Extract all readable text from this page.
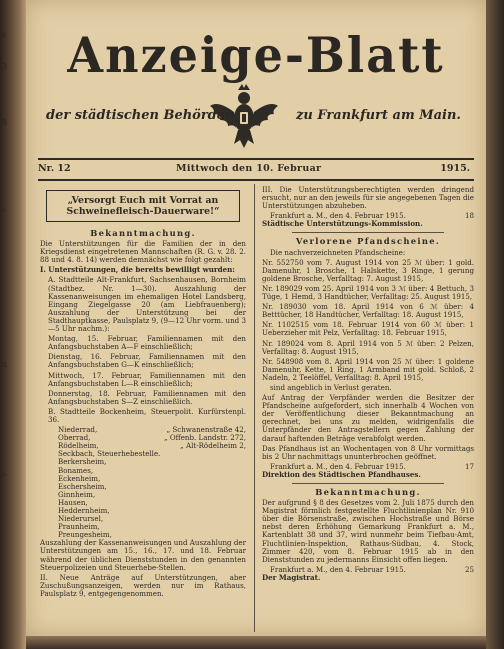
s
3
8
i-
u
i-
Anzeige-Blatt
der städtischen Behörden	zu Frankfurt am Main.
Nr. 12	Mittwoch den 10. Februar	1915.
„Versorgt Euch mit Vorrat an Schweinefleisch-Dauerware!“
Bekanntmachung.

Die Unterstützungen für die Familien der in den Kriegsdienst eingetretenen Mannschaften (R. G. v. 28. 2. 88 und 4. 8. 14) werden demnächst wie folgt gezahlt:

I. Unterstützungen, die bereits bewilligt wurden:

A. Stadtteile Alt-Frankfurt, Sachsenhausen, Bornheim (Stadtbez. Nr. 1—30). Auszahlung der Kassenanweisungen im ehemaligen Hotel Landsberg, Eingang Ziegelgasse 20 (am Liebfrauenberg); Auszahlung der Unterstützung bei der Stadthauptkasse, Paulsplatz 9, (9—12 Uhr vorm. und 3—5 Uhr nachm.):

Montag, 15. Februar, Familiennamen mit den Anfangsbuchstaben A—F einschließlich;

Dienstag, 16. Februar, Familiennamen mit den Anfangsbuchstaben G—K einschließlich;

Mittwoch, 17. Februar, Familiennamen mit den Anfangsbuchstaben L—R einschließlich;

Donnerstag, 18. Februar, Familiennamen mit den Anfangsbuchstaben S—Z einschließlich.

B. Stadtteile Bockenheim, Steuerpolit. Kurfürstenpl. 36.

Niederrad,	„ Schwanenstraße 42,
Oberrad,	„ Offenb. Landstr. 272,
Rödelheim,	„ Alt-Rödelheim 2,
Seckbach, Steuerhebestelle.
Berkersheim,
Bonames,
Eckenheim,
Eschersheim,
Ginnheim,
Hausen,
Heddernheim,
Niederursel,
Praunheim,
Preungesheim,

Auszahlung der Kassenanweisungen und Auszahlung der Unterstützungen am 15., 16., 17. und 18. Februar während der üblichen Dienststunden in den genannten Steuerpolizeien und Steuerhebe-Stellen.

II. Neue Anträge auf Unterstützungen, aber Zuschußungsanzeigen, werden nur im Rathaus, Paulsplatz 9, entgegengenommen.

III. Die Unterstützungsberechtigten werden dringend ersucht, nur an den jeweils für sie angegebenen Tagen die Unterstützungen abzuheben.

Frankfurt a. M., den 4. Februar 1915.	18

Städtische Unterstützungs-Kommission.

Verlorene Pfandscheine.

Die nachverzeichneten Pfandscheine:

Nr. 552750 vom 7. August 1914 von 25 ℳ über: 1 gold. Damenuhr, 1 Brosche, 1 Halskette, 3 Ringe, 1 gerung goldene Brosche, Verfalltag: 7. August 1915,

Nr. 189029 vom 25. April 1914 von 3 ℳ über: 4 Bettuch, 3 Tüge, 1 Hemd, 3 Handtücher, Verfalltag: 25. August 1915,

Nr. 189030 vom 18. April 1914 von 6 ℳ über: 4 Betttücher, 18 Handtücher, Verfalltag: 18. August 1915,

Nr. 1102515 vom 18. Februar 1914 von 60 ℳ über: 1 Ueberzieher mit Pelz, Verfalltag: 18. Februar 1915,

Nr. 189024 vom 8. April 1914 von 5 ℳ über: 2 Pelzen, Verfalltag: 8. August 1915,

Nr. 548908 vom 8. April 1914 von 25 ℳ über: 1 goldene Damenuhr, Kette, 1 Ring, 1 Armband mit gold. Schloß, 2 Nadeln, 2 Teelöffel, Verfalltag: 8. April 1915,

sind angeblich in Verlust geraten.

Auf Antrag der Verpfänder werden die Besitzer der Pfandscheine aufgefordert, sich innerhalb 4 Wochen von der Veröffentlichung dieser Bekanntmachung an gerechnet, bei uns zu melden, widrigenfalls die Unterpfänder den Antragstellern gegen Zahlung der darauf haftenden Beträge verabfolgt werden.

Das Pfandhaus ist an Wochentagen von 8 Uhr vormittags bis 2 Uhr nachmittags ununterbrochen geöffnet.

Frankfurt a. M., den 4. Februar 1915.	17

Direktion des Städtischen Pfandhauses.

Bekanntmachung.

Der aufgrund § 8 des Gesetzes vom 2. Juli 1875 durch den Magistrat förmlich festgestellte Fluchtlinienplan Nr. 910 über die Börsenstraße, zwischen Hochstraße und Börse nebst deren Erhöhung Gemarkung Frankfurt a. M., Kartenblatt 38 und 37, wird nunmehr beim Tiefbau-Amt, Fluchtlinien-Inspektion, Rathaus-Südbau, 4. Stock, Zimmer 420, vom 8. Februar 1915 ab in den Dienststunden zu jedermanns Einsicht offen liegen.

Frankfurt a. M., den 4. Februar 1915.	25

Der Magistrat.
